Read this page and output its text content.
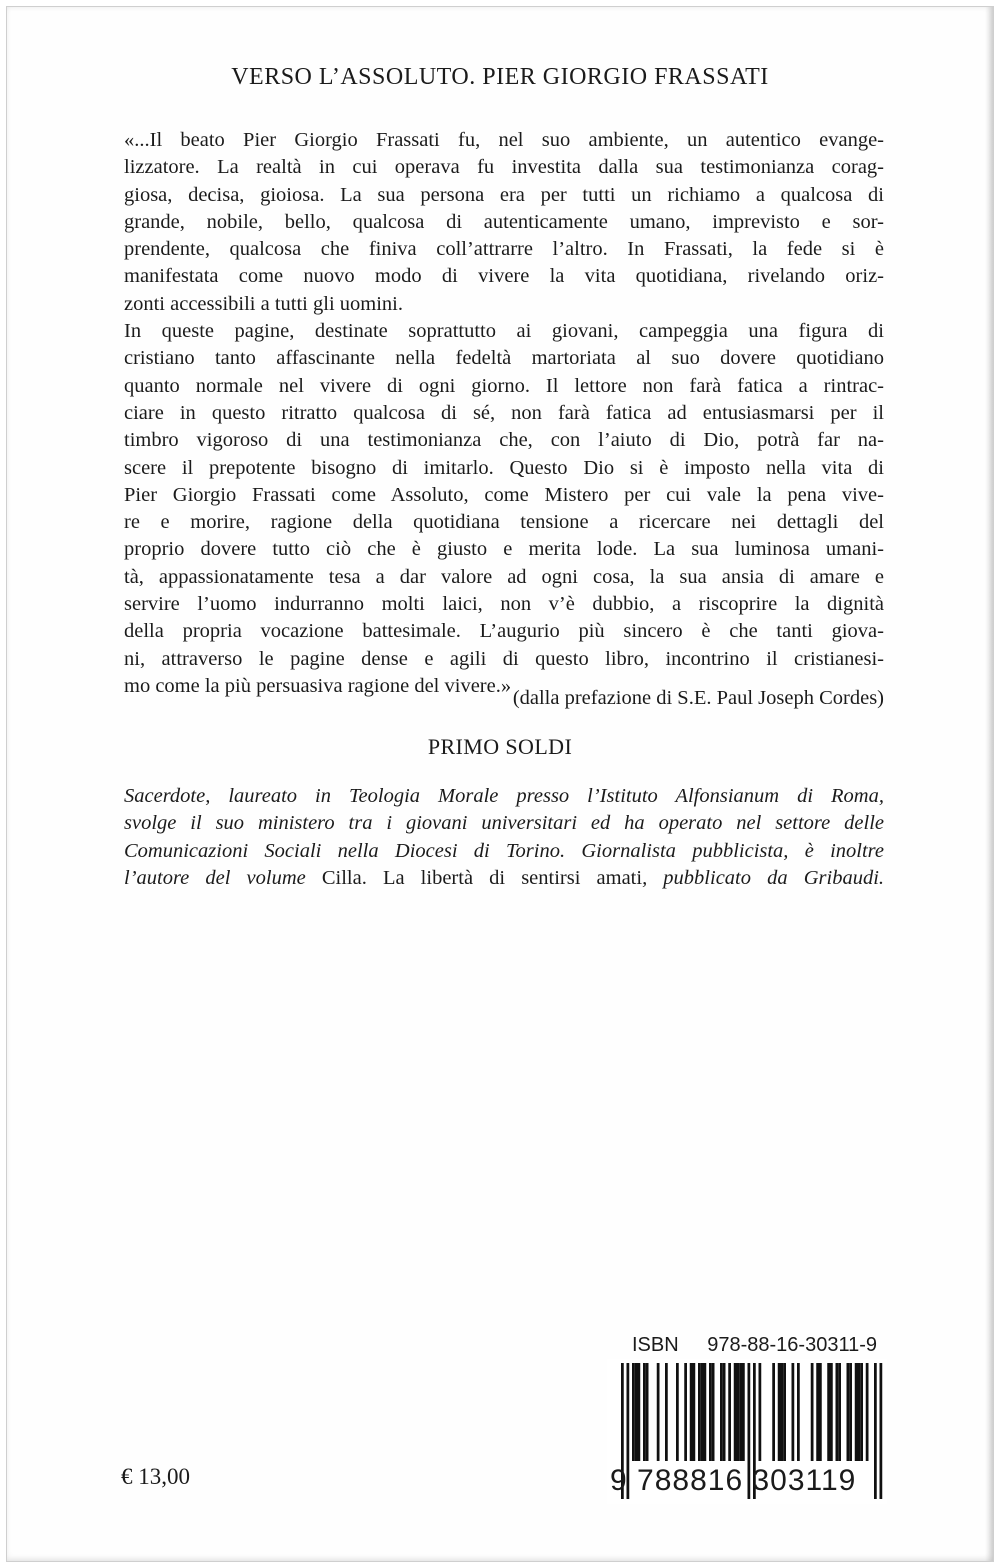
VERSO L’ASSOLUTO. PIER GIORGIO FRASSATI
«...Il beato Pier Giorgio Frassati fu, nel suo ambiente, un autentico evange-
lizzatore. La realtà in cui operava fu investita dalla sua testimonianza corag-
giosa, decisa, gioiosa. La sua persona era per tutti un richiamo a qualcosa di
grande, nobile, bello, qualcosa di autenticamente umano, imprevisto e sor-
prendente, qualcosa che finiva coll’attrarre l’altro. In Frassati, la fede si è
manifestata come nuovo modo di vivere la vita quotidiana, rivelando oriz-
zonti accessibili a tutti gli uomini.
In queste pagine, destinate soprattutto ai giovani, campeggia una figura di
cristiano tanto affascinante nella fedeltà martoriata al suo dovere quotidiano
quanto normale nel vivere di ogni giorno. Il lettore non farà fatica a rintrac-
ciare in questo ritratto qualcosa di sé, non farà fatica ad entusiasmarsi per il
timbro vigoroso di una testimonianza che, con l’aiuto di Dio, potrà far na-
scere il prepotente bisogno di imitarlo. Questo Dio si è imposto nella vita di
Pier Giorgio Frassati come Assoluto, come Mistero per cui vale la pena vive-
re e morire, ragione della quotidiana tensione a ricercare nei dettagli del
proprio dovere tutto ciò che è giusto e merita lode. La sua luminosa umani-
tà, appassionatamente tesa a dar valore ad ogni cosa, la sua ansia di amare e
servire l’uomo indurranno molti laici, non v’è dubbio, a riscoprire la dignità
della propria vocazione battesimale. L’augurio più sincero è che tanti giova-
ni, attraverso le pagine dense e agili di questo libro, incontrino il cristianesi-
mo come la più persuasiva ragione del vivere.»
(dalla prefazione di S.E. Paul Joseph Cordes)
PRIMO SOLDI
Sacerdote, laureato in Teologia Morale presso l’Istituto Alfonsianum di Roma,
svolge il suo ministero tra i giovani universitari ed ha operato nel settore delle
Comunicazioni Sociali nella Diocesi di Torino. Giornalista pubblicista, è inoltre
l’autore del volume Cilla. La libertà di sentirsi amati, pubblicato da Gribaudi.
ISBN 978-88-16-30311-9
9 788816 303119
€ 13,00
